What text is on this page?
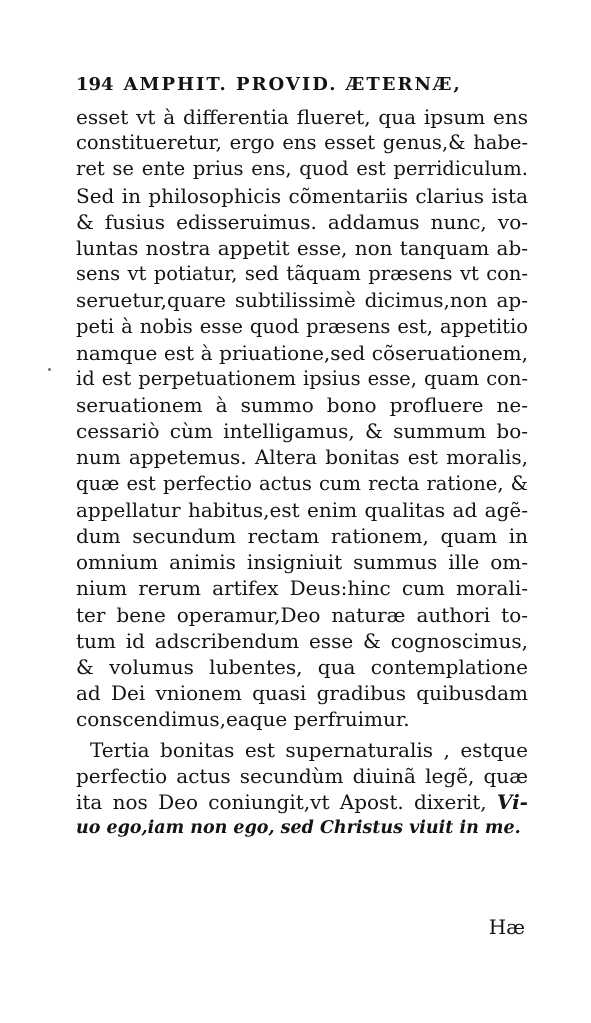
194 AMPHIT. PROVID. ÆTERNÆ,
esset vt à differentia flueret, qua ipsum ens
constitueretur, ergo ens esset genus,& habe-
ret se ente prius ens, quod est perridiculum.
Sed in philosophicis cõmentariis clarius ista
& fusius edisseruimus. addamus nunc, vo-
luntas nostra appetit esse, non tanquam ab-
sens vt potiatur, sed tãquam præsens vt con-
seruetur,quare subtilissimè dicimus,non ap-
peti à nobis esse quod præsens est, appetitio
namque est à priuatione,sed cõseruationem,
id est perpetuationem ipsius esse, quam con-
seruationem à summo bono profluere ne-
cessariò cùm intelligamus, & summum bo-
num appetemus. Altera bonitas est moralis,
quæ est perfectio actus cum recta ratione, &
appellatur habitus,est enim qualitas ad agẽ-
dum secundum rectam rationem, quam in
omnium animis insigniuit summus ille om-
nium rerum artifex Deus:hinc cum morali-
ter bene operamur,Deo naturæ authori to-
tum id adscribendum esse & cognoscimus,
& volumus lubentes, qua contemplatione
ad Dei vnionem quasi gradibus quibusdam
conscendimus,eaque perfruimur.
Tertia bonitas est supernaturalis , estque
perfectio actus secundùm diuinã legẽ, quæ
ita nos Deo coniungit,vt Apost. dixerit, Vi-
uo ego,iam non ego, sed Christus viuit in me.
Hæ
